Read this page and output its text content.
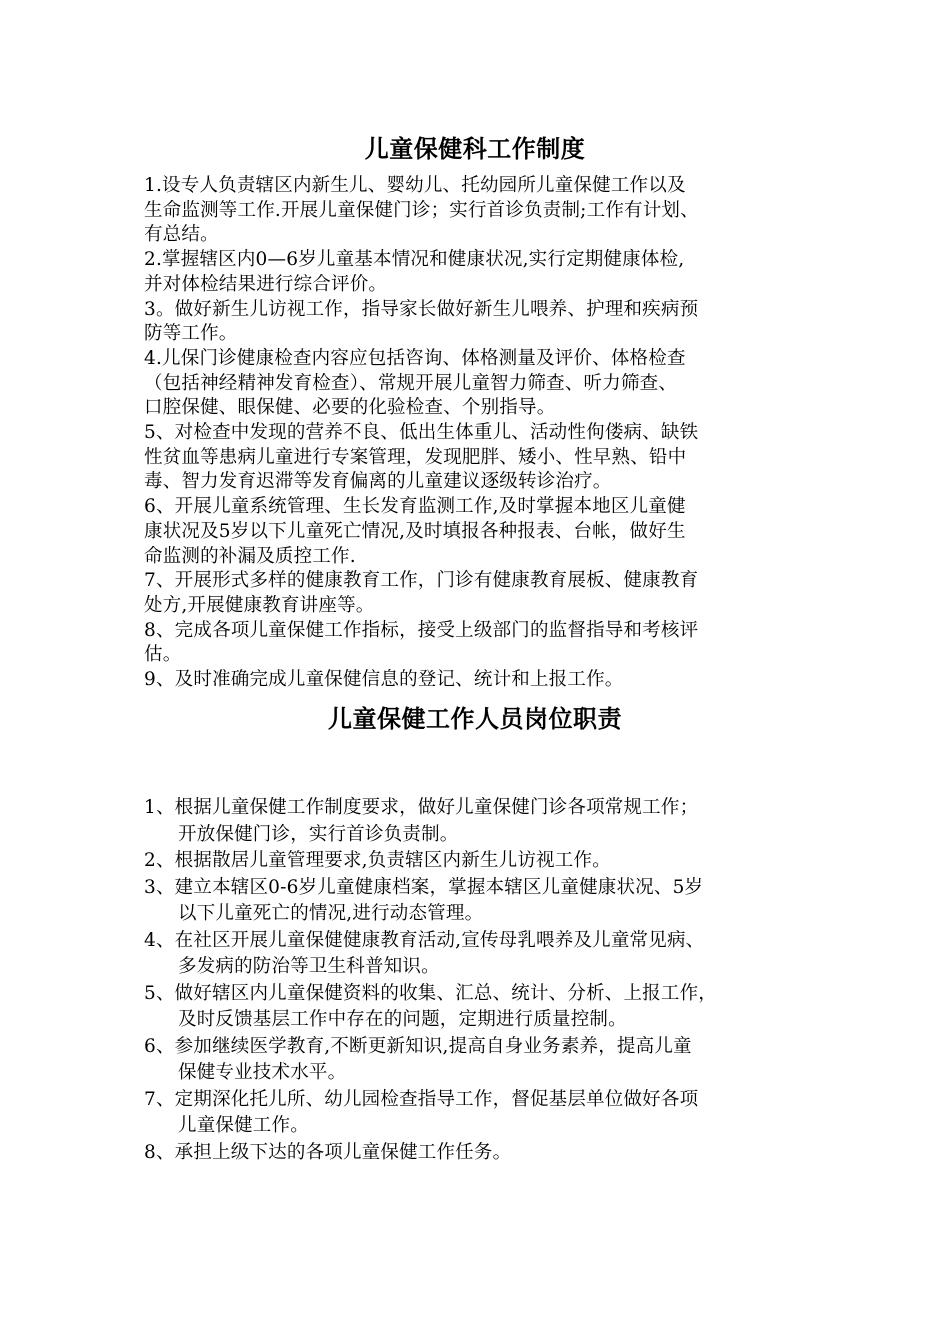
儿童保健科工作制度
1.设专人负责辖区内新生儿、婴幼儿、托幼园所儿童保健工作以及
生命监测等工作.开展儿童保健门诊；实行首诊负责制;工作有计划、
有总结。
2.掌握辖区内0—6岁儿童基本情况和健康状况,实行定期健康体检,
并对体检结果进行综合评价。
3。做好新生儿访视工作，指导家长做好新生儿喂养、护理和疾病预
防等工作。
4.儿保门诊健康检查内容应包括咨询、体格测量及评价、体格检查
（包括神经精神发育检查）、常规开展儿童智力筛查、听力筛查、
口腔保健、眼保健、必要的化验检查、个别指导。
5、对检查中发现的营养不良、低出生体重儿、活动性佝偻病、缺铁
性贫血等患病儿童进行专案管理，发现肥胖、矮小、性早熟、铅中
毒、智力发育迟滞等发育偏离的儿童建议逐级转诊治疗。
6、开展儿童系统管理、生长发育监测工作,及时掌握本地区儿童健
康状况及5岁以下儿童死亡情况,及时填报各种报表、台帐，做好生
命监测的补漏及质控工作.
7、开展形式多样的健康教育工作，门诊有健康教育展板、健康教育
处方,开展健康教育讲座等。
8、完成各项儿童保健工作指标，接受上级部门的监督指导和考核评
估。
9、及时准确完成儿童保健信息的登记、统计和上报工作。
儿童保健工作人员岗位职责
1、根据儿童保健工作制度要求，做好儿童保健门诊各项常规工作；
开放保健门诊，实行首诊负责制。
2、根据散居儿童管理要求,负责辖区内新生儿访视工作。
3、建立本辖区0-6岁儿童健康档案，掌握本辖区儿童健康状况、5岁
以下儿童死亡的情况,进行动态管理。
4、在社区开展儿童保健健康教育活动,宣传母乳喂养及儿童常见病、
多发病的防治等卫生科普知识。
5、做好辖区内儿童保健资料的收集、汇总、统计、分析、上报工作，
及时反馈基层工作中存在的问题，定期进行质量控制。
6、参加继续医学教育,不断更新知识,提高自身业务素养，提高儿童
保健专业技术水平。
7、定期深化托儿所、幼儿园检查指导工作，督促基层单位做好各项
儿童保健工作。
8、承担上级下达的各项儿童保健工作任务。
